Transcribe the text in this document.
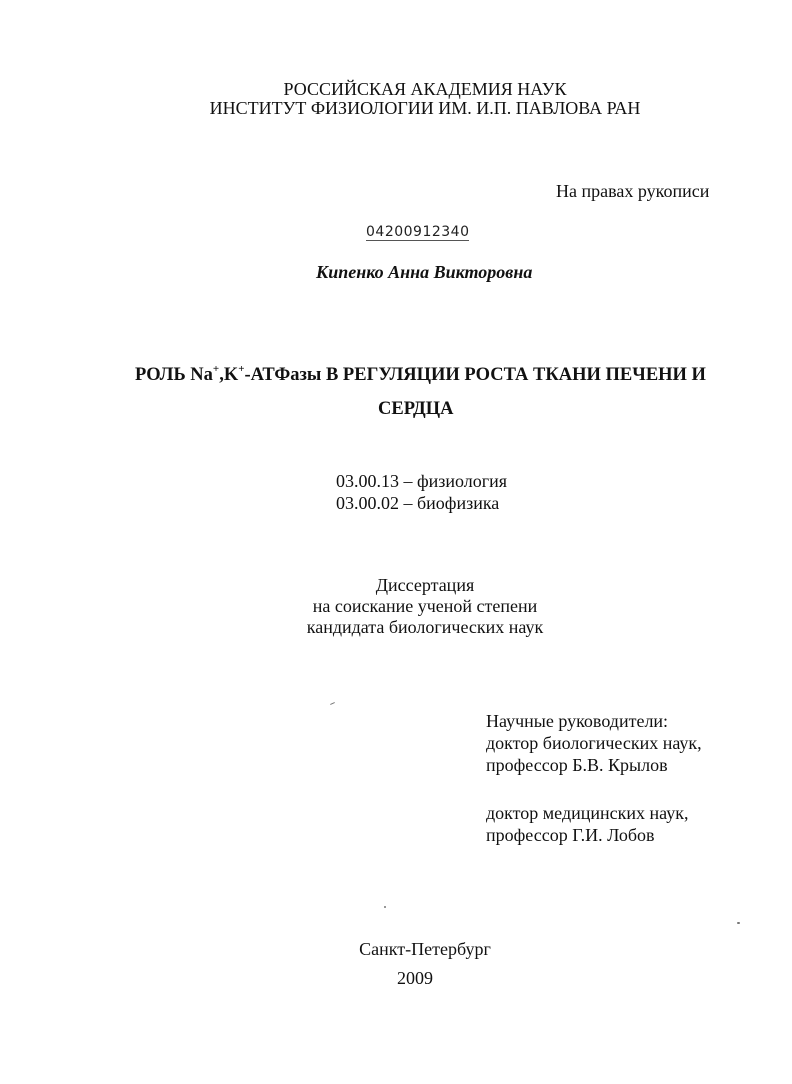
РОССИЙСКАЯ АКАДЕМИЯ НАУК
ИНСТИТУТ ФИЗИОЛОГИИ ИМ. И.П. ПАВЛОВА РАН
На правах рукописи
04200912340
Кипенко Анна Викторовна
РОЛЬ Na+,K+-АТФазы В РЕГУЛЯЦИИ РОСТА ТКАНИ ПЕЧЕНИ И
СЕРДЦА
03.00.13 – физиология
03.00.02 – биофизика
Диссертация
на соискание ученой степени
кандидата биологических наук
Научные руководители:
доктор биологических наук,
профессор Б.В. Крылов
доктор медицинских наук,
профессор Г.И. Лобов
Санкт-Петербург
2009
